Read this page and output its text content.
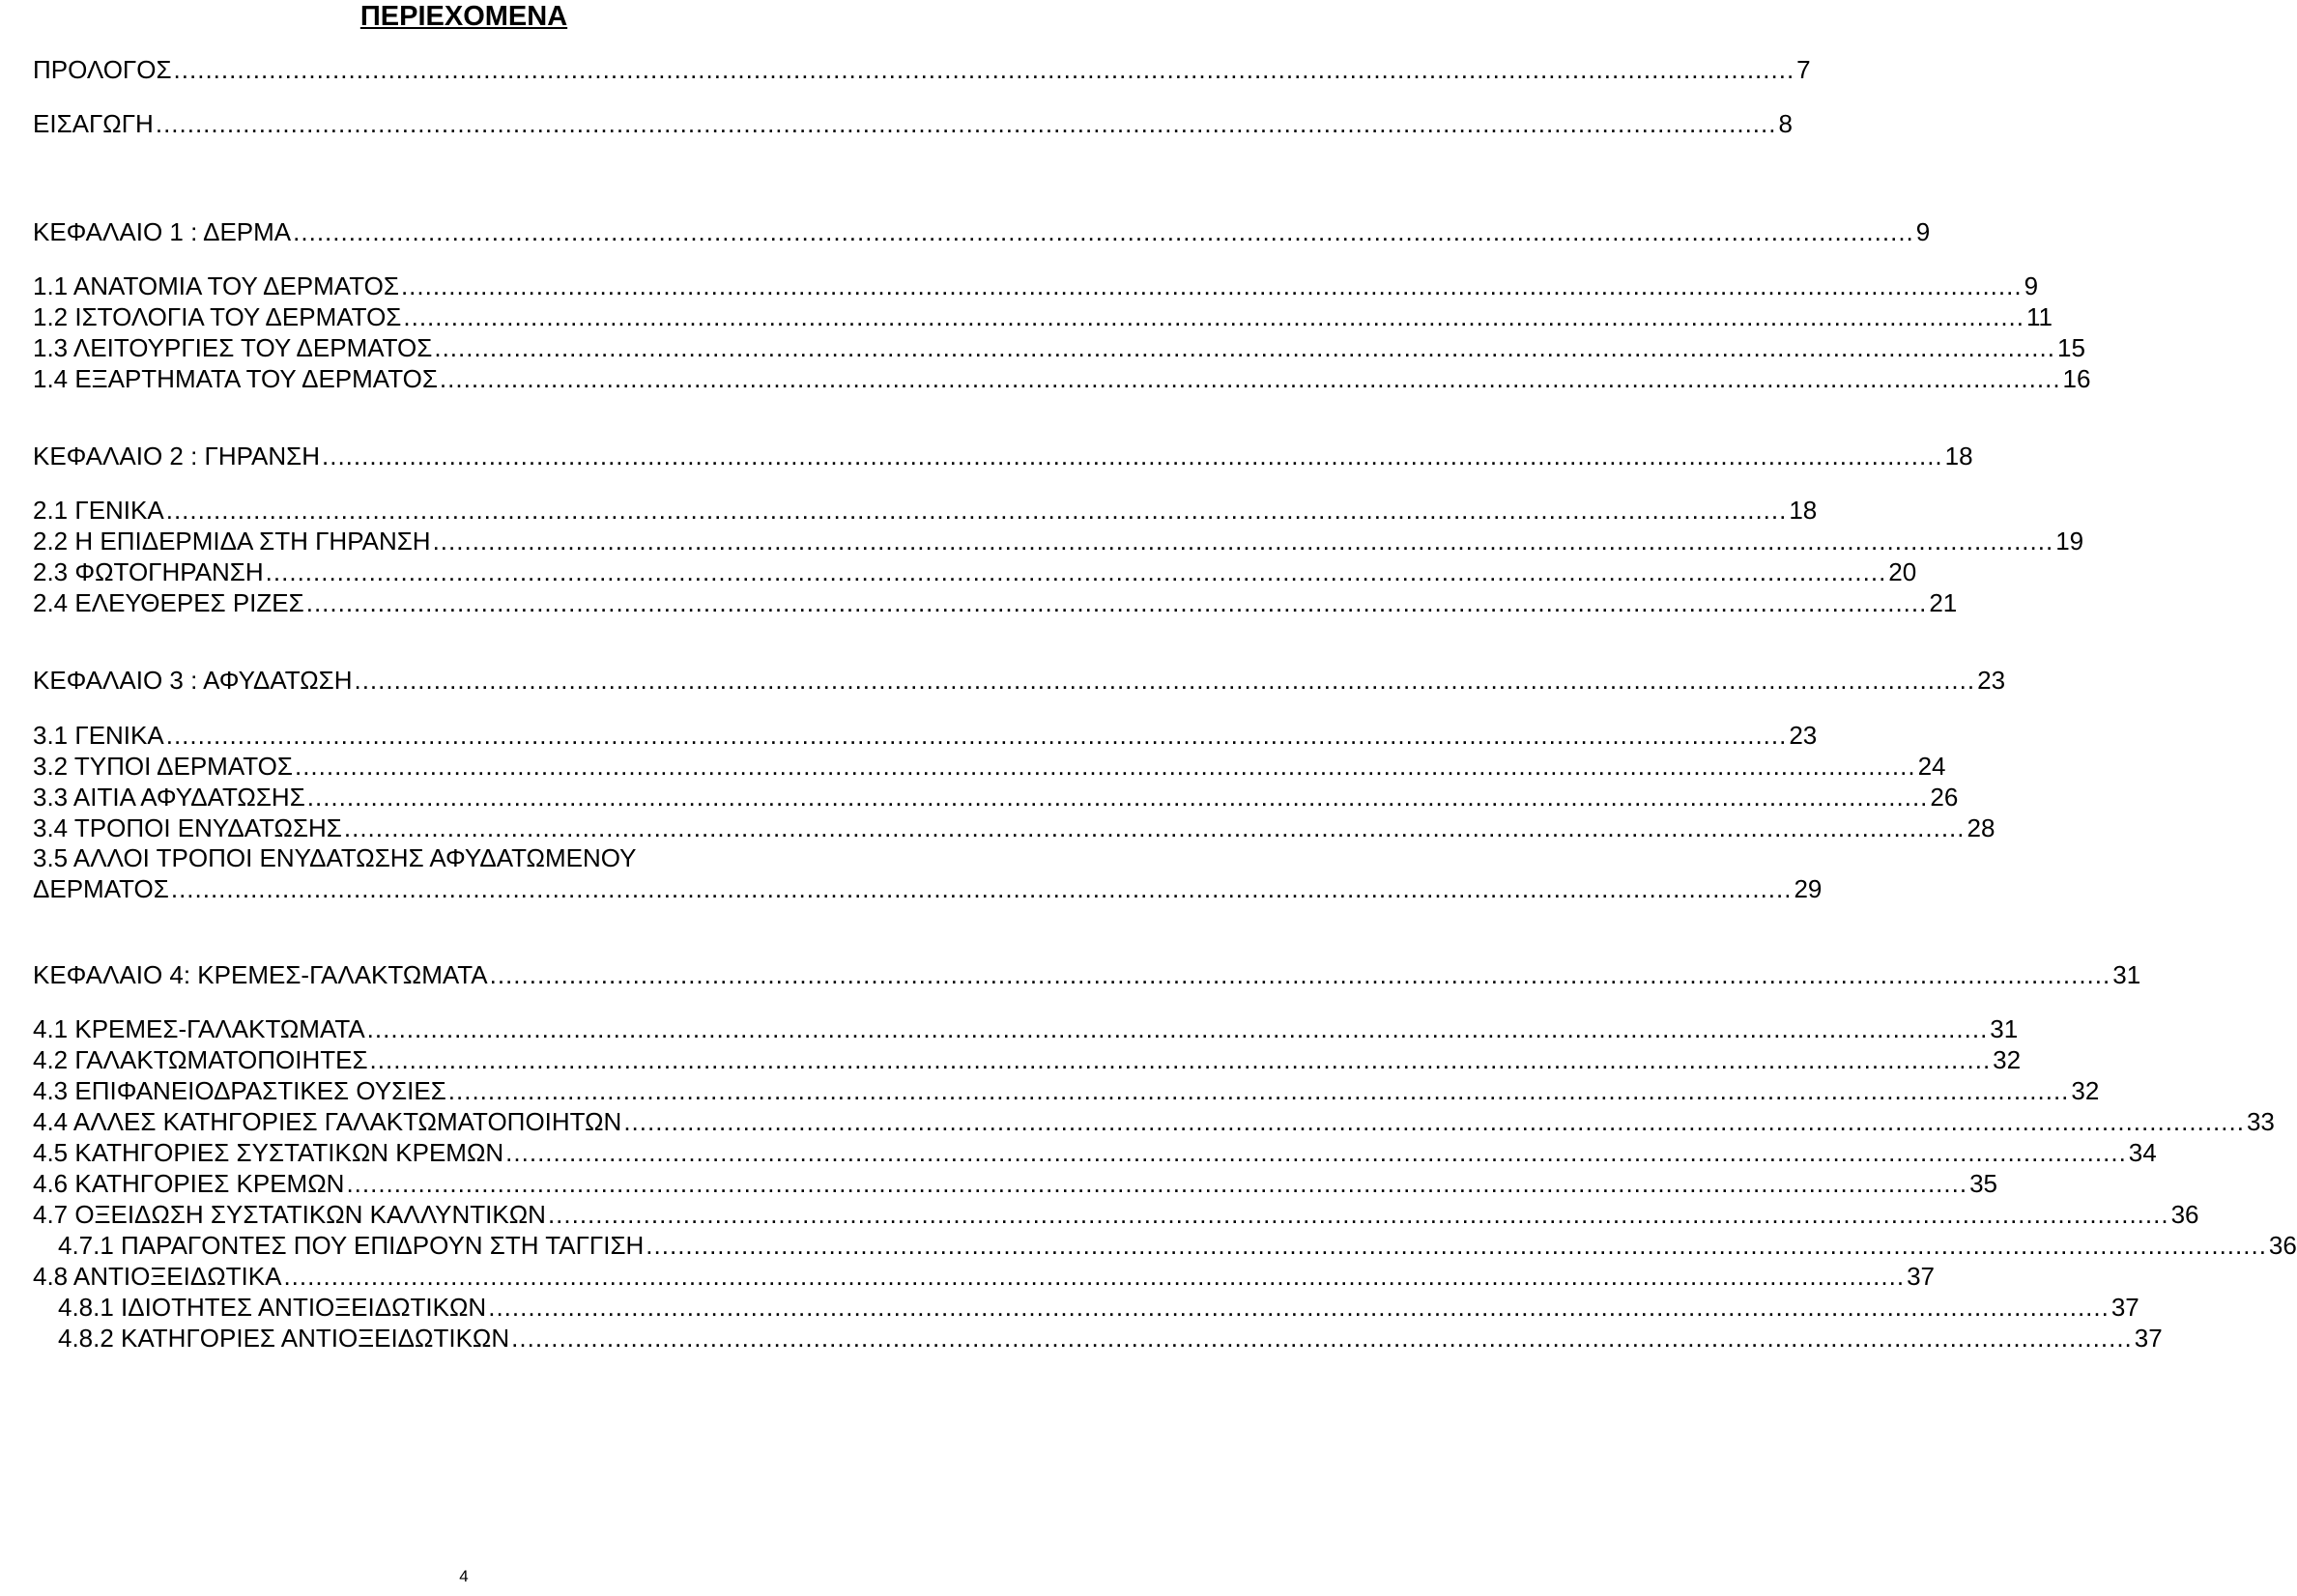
ΠΕΡΙΕΧΟΜΕΝΑ
ΠΡΟΛΟΓΟΣ ............................................................................................................................................................................................................ 7
ΕΙΣΑΓΩΓΗ ............................................................................................................................................................................................................ 8
ΚΕΦΑΛΑΙΟ 1 : ΔΕΡΜΑ ............................................................................................................................................................................................................ 9
1.1 ΑΝΑΤΟΜΙΑ ΤΟΥ ΔΕΡΜΑΤΟΣ ............................................................................................................................................................................................................ 9
1.2 ΙΣΤΟΛΟΓΙΑ ΤΟΥ ΔΕΡΜΑΤΟΣ ............................................................................................................................................................................................................ 11
1.3 ΛΕΙΤΟΥΡΓΙΕΣ ΤΟΥ ΔΕΡΜΑΤΟΣ ............................................................................................................................................................................................................ 15
1.4 ΕΞΑΡΤΗΜΑΤΑ ΤΟΥ ΔΕΡΜΑΤΟΣ ............................................................................................................................................................................................................ 16
ΚΕΦΑΛΑΙΟ 2 : ΓΗΡΑΝΣΗ ............................................................................................................................................................................................................ 18
2.1 ΓΕΝΙΚΑ ............................................................................................................................................................................................................ 18
2.2 Η ΕΠΙΔΕΡΜΙΔΑ ΣΤΗ ΓΗΡΑΝΣΗ ............................................................................................................................................................................................................ 19
2.3 ΦΩΤΟΓΗΡΑΝΣΗ ............................................................................................................................................................................................................ 20
2.4 ΕΛΕΥΘΕΡΕΣ ΡΙΖΕΣ ............................................................................................................................................................................................................ 21
ΚΕΦΑΛΑΙΟ 3 : ΑΦΥΔΑΤΩΣΗ ............................................................................................................................................................................................................ 23
3.1 ΓΕΝΙΚΑ ............................................................................................................................................................................................................ 23
3.2 ΤΥΠΟΙ ΔΕΡΜΑΤΟΣ ............................................................................................................................................................................................................ 24
3.3 ΑΙΤΙΑ ΑΦΥΔΑΤΩΣΗΣ ............................................................................................................................................................................................................ 26
3.4 ΤΡΟΠΟΙ ΕΝΥΔΑΤΩΣΗΣ ............................................................................................................................................................................................................ 28
3.5 ΑΛΛΟΙ ΤΡΟΠΟΙ ΕΝΥΔΑΤΩΣΗΣ ΑΦΥΔΑΤΩΜΕΝΟΥ
ΔΕΡΜΑΤΟΣ ............................................................................................................................................................................................................ 29
ΚΕΦΑΛΑΙΟ 4: ΚΡΕΜΕΣ-ΓΑΛΑΚΤΩΜΑΤΑ ............................................................................................................................................................................................................ 31
4.1 ΚΡΕΜΕΣ-ΓΑΛΑΚΤΩΜΑΤΑ ............................................................................................................................................................................................................ 31
4.2 ΓΑΛΑΚΤΩΜΑΤΟΠΟΙΗΤΕΣ ............................................................................................................................................................................................................ 32
4.3 ΕΠΙΦΑΝΕΙΟΔΡΑΣΤΙΚΕΣ ΟΥΣΙΕΣ ............................................................................................................................................................................................................ 32
4.4 ΑΛΛΕΣ ΚΑΤΗΓΟΡΙΕΣ ΓΑΛΑΚΤΩΜΑΤΟΠΟΙΗΤΩΝ ............................................................................................................................................................................................................ 33
4.5 ΚΑΤΗΓΟΡΙΕΣ ΣΥΣΤΑΤΙΚΩΝ ΚΡΕΜΩΝ ............................................................................................................................................................................................................ 34
4.6 ΚΑΤΗΓΟΡΙΕΣ ΚΡΕΜΩΝ ............................................................................................................................................................................................................ 35
4.7 ΟΞΕΙΔΩΣΗ ΣΥΣΤΑΤΙΚΩΝ ΚΑΛΛΥΝΤΙΚΩΝ ............................................................................................................................................................................................................ 36
4.7.1 ΠΑΡΑΓΟΝΤΕΣ ΠΟΥ ΕΠΙΔΡΟΥΝ ΣΤΗ ΤΑΓΓΙΣΗ ............................................................................................................................................................................................................ 36
4.8 ΑΝΤΙΟΞΕΙΔΩΤΙΚΑ ............................................................................................................................................................................................................ 37
4.8.1 ΙΔΙΟΤΗΤΕΣ ΑΝΤΙΟΞΕΙΔΩΤΙΚΩΝ ............................................................................................................................................................................................................ 37
4.8.2 ΚΑΤΗΓΟΡΙΕΣ ΑΝΤΙΟΞΕΙΔΩΤΙΚΩΝ ............................................................................................................................................................................................................ 37
4
